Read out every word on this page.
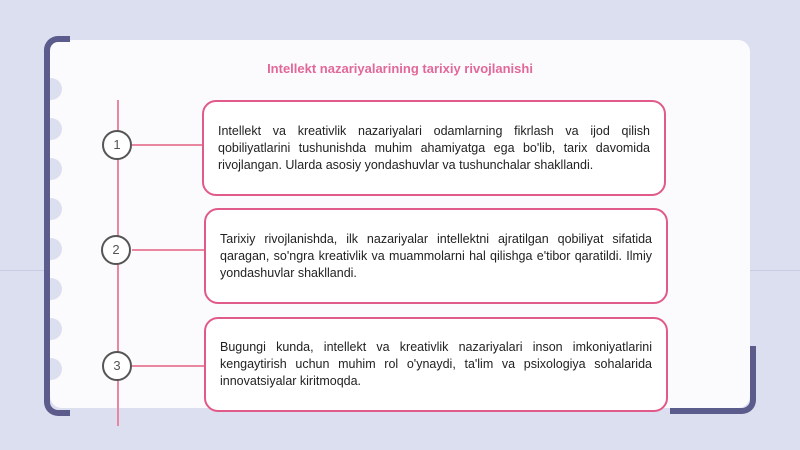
Intellekt nazariyalarining tarixiy rivojlanishi
1
Intellekt va kreativlik nazariyalari odamlarning fikrlash va ijod qilish qobiliyatlarini tushunishda muhim ahamiyatga ega bo'lib, tarix davomida rivojlangan. Ularda asosiy yondashuvlar va tushunchalar shakllandi.
2
Tarixiy rivojlanishda, ilk nazariyalar intellektni ajratilgan qobiliyat sifatida qaragan, so'ngra kreativlik va muammolarni hal qilishga e'tibor qaratildi. Ilmiy yondashuvlar shakllandi.
3
Bugungi kunda, intellekt va kreativlik nazariyalari inson imkoniyatlarini kengaytirish uchun muhim rol o'ynaydi, ta'lim va psixologiya sohalarida innovatsiyalar kiritmoqda.
